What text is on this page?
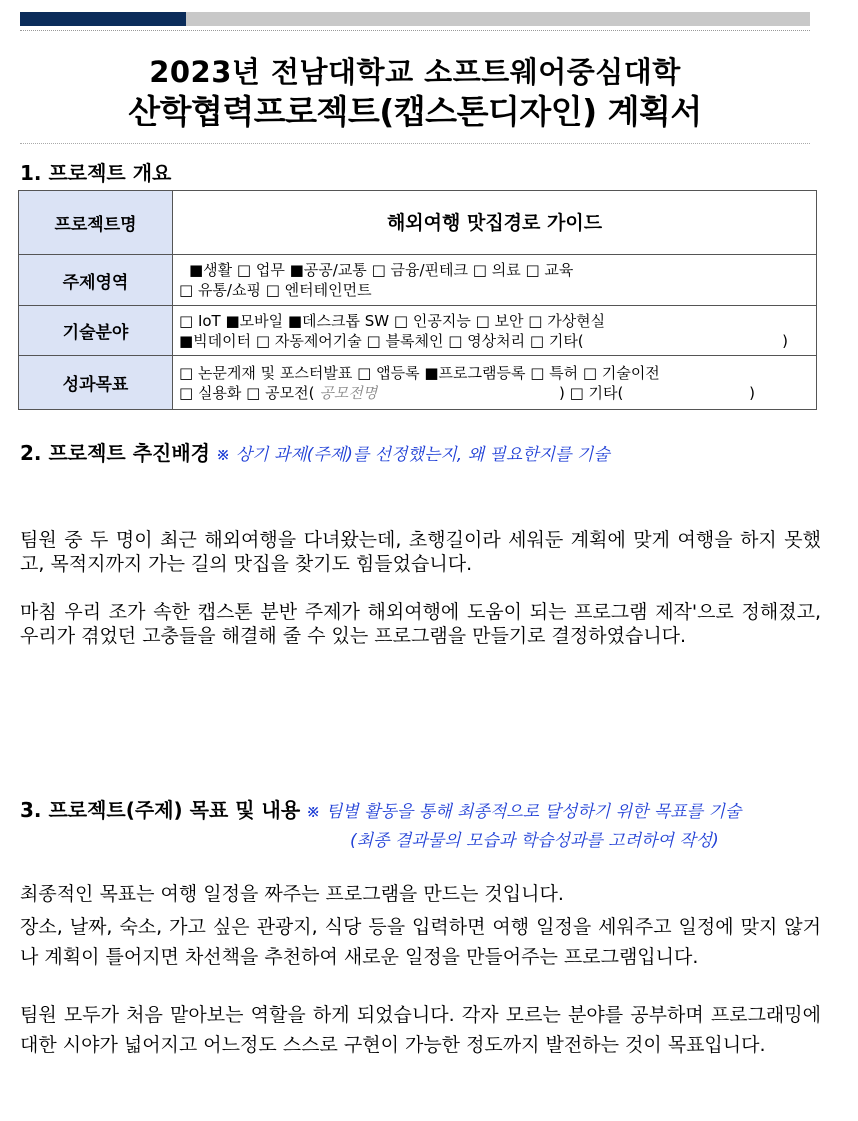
2023년 전남대학교 소프트웨어중심대학
산학협력프로젝트(캡스톤디자인) 계획서
1. 프로젝트 개요
프로젝트명	해외여행 맛집경로 가이드
주제영역	■생활 □ 업무 ■공공/교통 □ 금융/핀테크 □ 의료 □ 교육
□ 유통/쇼핑 □ 엔터테인먼트

기술분야	□ IoT ■모바일 ■데스크톱 SW □ 인공지능 □ 보안 □ 가상현실
■빅데이터 □ 자동제어기술 □ 블록체인 □ 영상처리 □ 기타( )

성과목표	□ 논문게재 및 포스터발표 □ 앱등록 ■프로그램등록 □ 특허 □ 기술이전
□ 실용화 □ 공모전( 공모전명 ) □ 기타( )
2. 프로젝트 추진배경 ※ 상기 과제(주제)를 선정했는지, 왜 필요한지를 기술
팀원 중 두 명이 최근 해외여행을 다녀왔는데, 초행길이라 세워둔 계획에 맞게 여행을 하지 못했고, 목적지까지 가는 길의 맛집을 찾기도 힘들었습니다.
마침 우리 조가 속한 캡스톤 분반 주제가 해외여행에 도움이 되는 프로그램 제작'으로 정해졌고, 우리가 겪었던 고충들을 해결해 줄 수 있는 프로그램을 만들기로 결정하였습니다.
3. 프로젝트(주제) 목표 및 내용 ※ 팀별 활동을 통해 최종적으로 달성하기 위한 목표를 기술
(최종 결과물의 모습과 학습성과를 고려하여 작성)
최종적인 목표는 여행 일정을 짜주는 프로그램을 만드는 것입니다.
장소, 날짜, 숙소, 가고 싶은 관광지, 식당 등을 입력하면 여행 일정을 세워주고 일정에 맞지 않거나 계획이 틀어지면 차선책을 추천하여 새로운 일정을 만들어주는 프로그램입니다.
팀원 모두가 처음 맡아보는 역할을 하게 되었습니다. 각자 모르는 분야를 공부하며 프로그래밍에 대한 시야가 넓어지고 어느정도 스스로 구현이 가능한 정도까지 발전하는 것이 목표입니다.
